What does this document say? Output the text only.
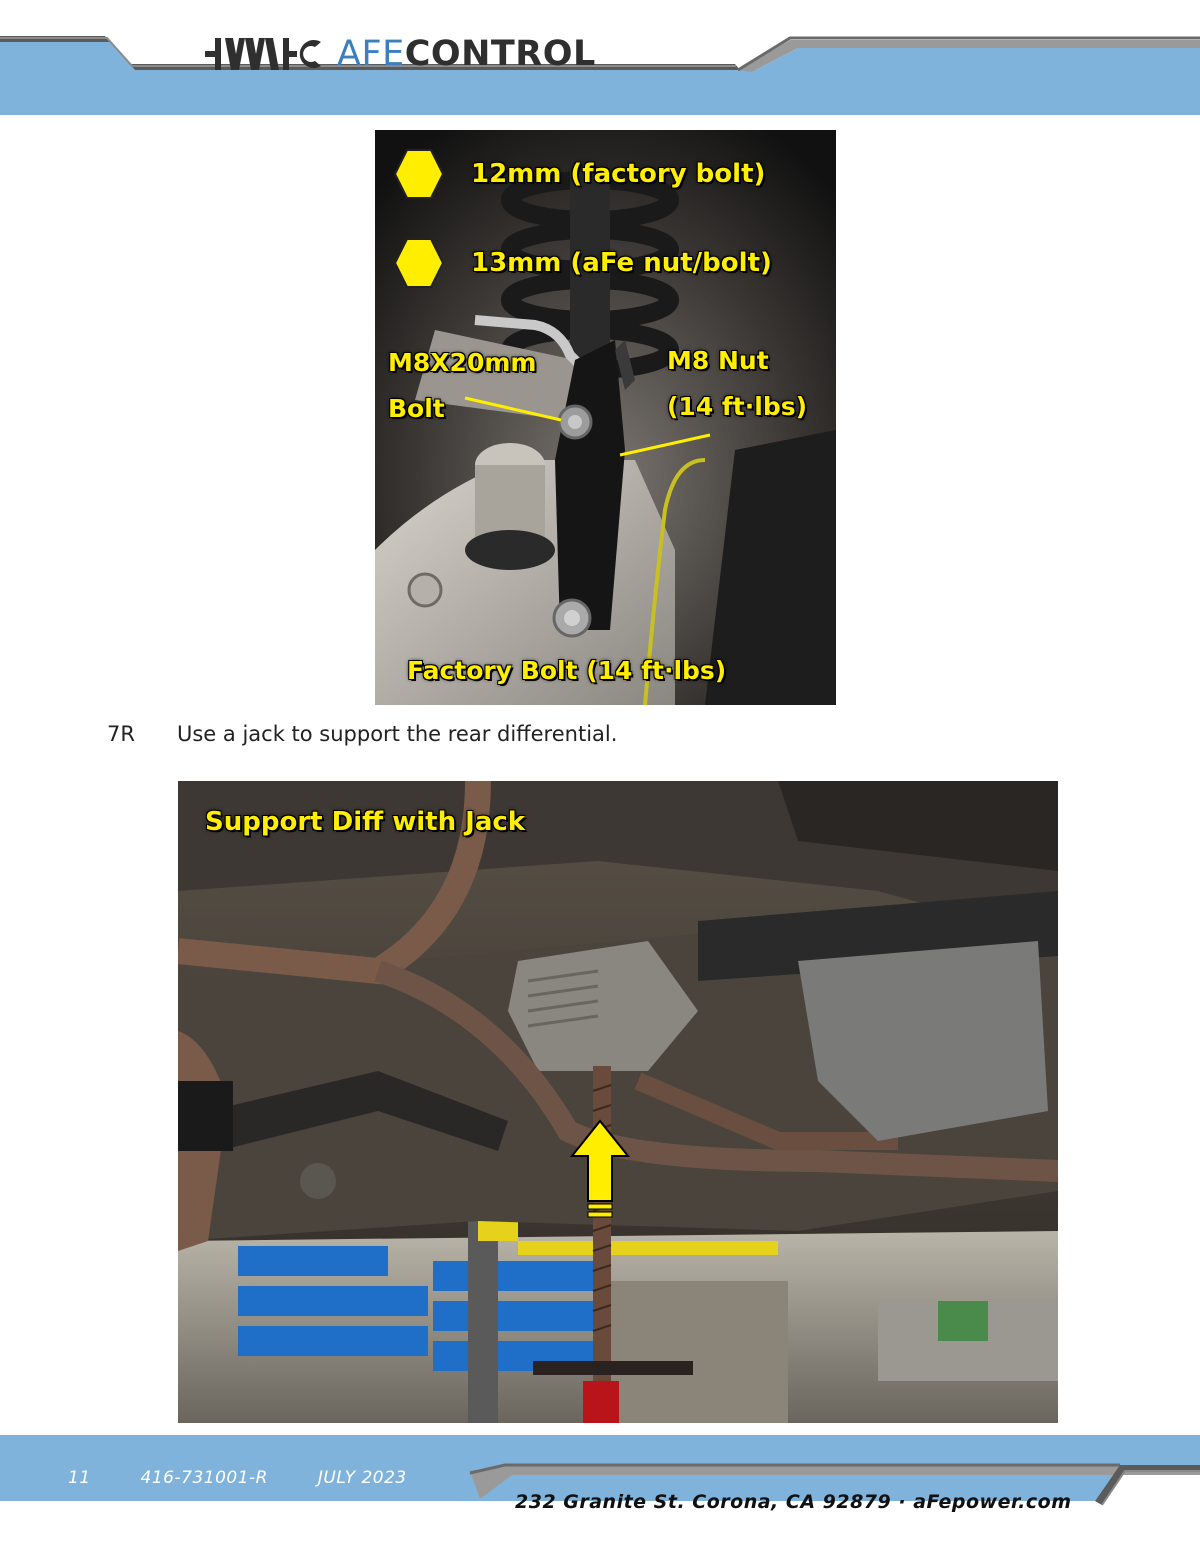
AFE CONTROL
12mm (factory bolt)
13mm (aFe nut/bolt)
M8X20mm
Bolt
M8 Nut
(14 ft·lbs)
Factory Bolt (14 ft·lbs)
7R	Use a jack to support the rear differential.
Support Diff with Jack
11	416-731001-R	JULY 2023
232 Granite St. Corona, CA 92879 · aFepower.com
